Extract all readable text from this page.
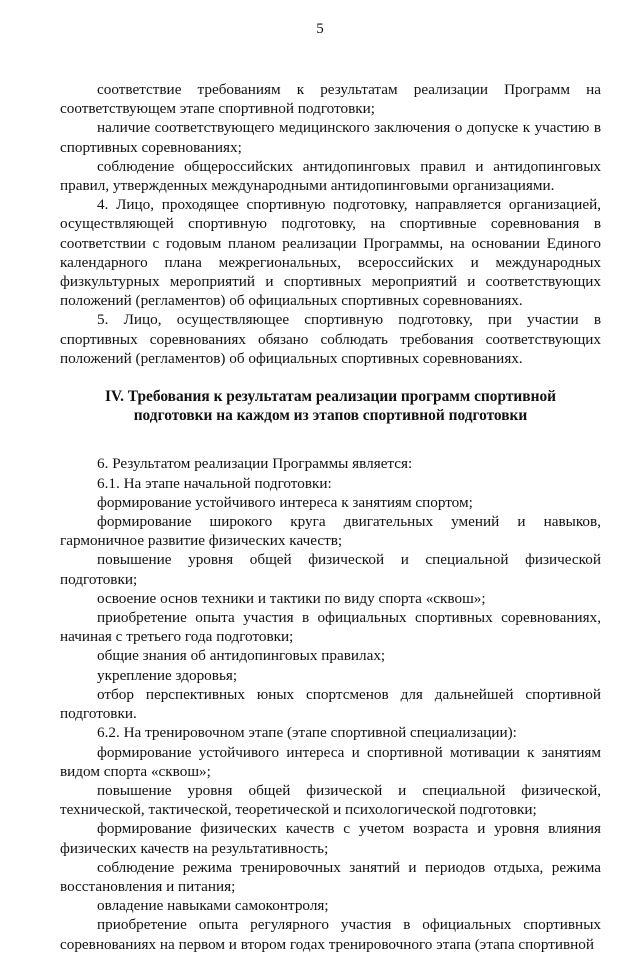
5

соответствие требованиям к результатам реализации Программ на соответствующем этапе спортивной подготовки;

наличие соответствующего медицинского заключения о допуске к участию в спортивных соревнованиях;

соблюдение общероссийских антидопинговых правил и антидопинговых правил, утвержденных международными антидопинговыми организациями.

4. Лицо, проходящее спортивную подготовку, направляется организацией, осуществляющей спортивную подготовку, на спортивные соревнования в соответствии с годовым планом реализации Программы, на основании Единого календарного плана межрегиональных, всероссийских и международных физкультурных мероприятий и спортивных мероприятий и соответствующих положений (регламентов) об официальных спортивных соревнованиях.

5. Лицо, осуществляющее спортивную подготовку, при участии в спортивных соревнованиях обязано соблюдать требования соответствующих положений (регламентов) об официальных спортивных соревнованиях.

IV. Требования к результатам реализации программ спортивной

подготовки на каждом из этапов спортивной подготовки

6. Результатом реализации Программы является:

6.1. На этапе начальной подготовки:

формирование устойчивого интереса к занятиям спортом;

формирование широкого круга двигательных умений и навыков, гармоничное развитие физических качеств;

повышение уровня общей физической и специальной физической подготовки;

освоение основ техники и тактики по виду спорта «сквош»;

приобретение опыта участия в официальных спортивных соревнованиях, начиная с третьего года подготовки;

общие знания об антидопинговых правилах;

укрепление здоровья;

отбор перспективных юных спортсменов для дальнейшей спортивной подготовки.

6.2. На тренировочном этапе (этапе спортивной специализации):

формирование устойчивого интереса и спортивной мотивации к занятиям видом спорта «сквош»;

повышение уровня общей физической и специальной физической, технической, тактической, теоретической и психологической подготовки;

формирование физических качеств с учетом возраста и уровня влияния физических качеств на результативность;

соблюдение режима тренировочных занятий и периодов отдыха, режима восстановления и питания;

овладение навыками самоконтроля;

приобретение опыта регулярного участия в официальных спортивных соревнованиях на первом и втором годах тренировочного этапа (этапа спортивной
